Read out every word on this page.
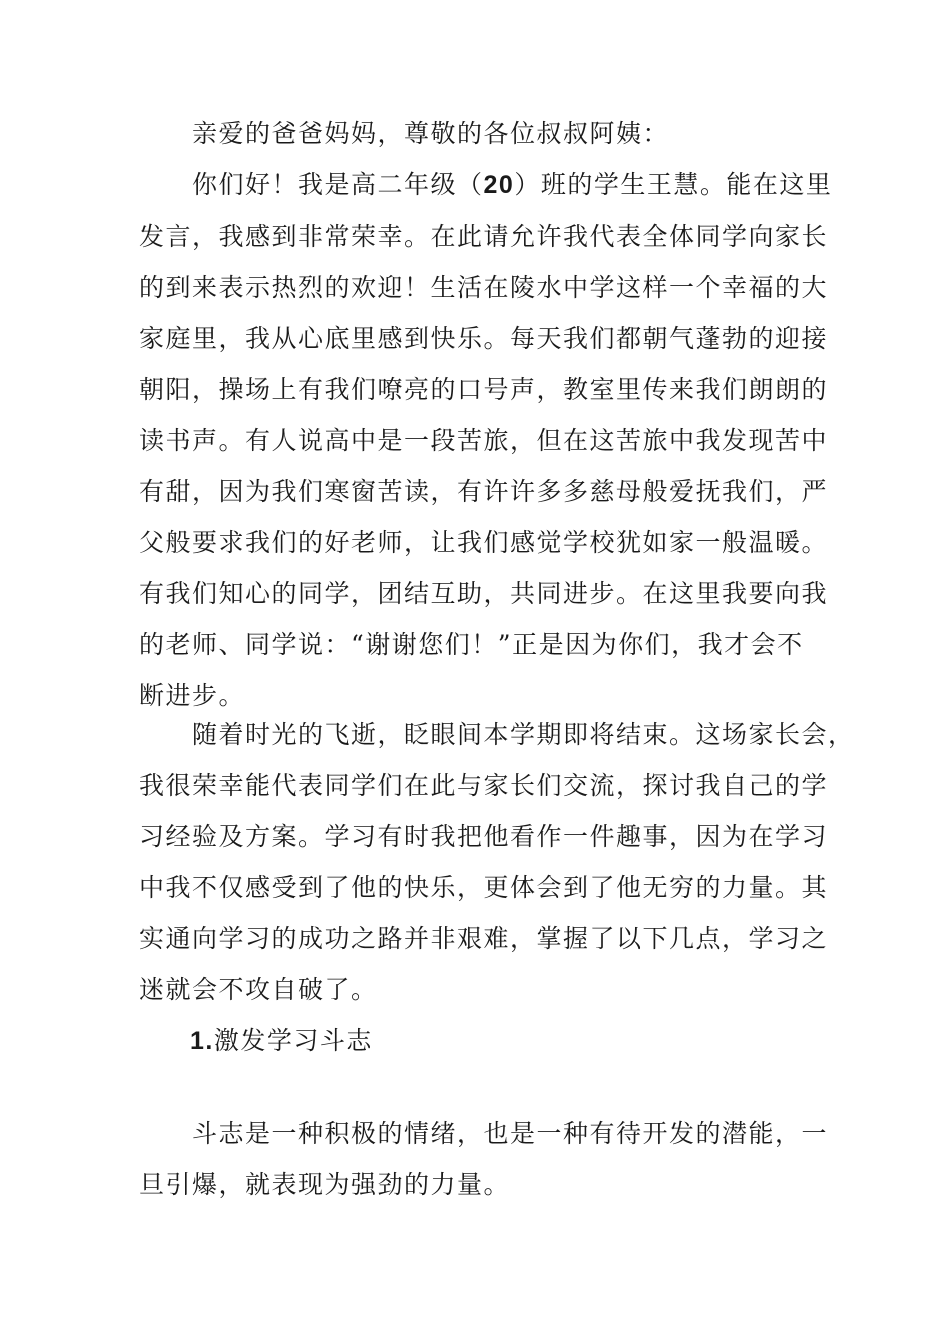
亲爱的爸爸妈妈，尊敬的各位叔叔阿姨：
你们好！我是高二年级（20）班的学生王慧。能在这里
发言，我感到非常荣幸。在此请允许我代表全体同学向家长
的到来表示热烈的欢迎！生活在陵水中学这样一个幸福的大
家庭里，我从心底里感到快乐。每天我们都朝气蓬勃的迎接
朝阳，操场上有我们嘹亮的口号声，教室里传来我们朗朗的
读书声。有人说高中是一段苦旅，但在这苦旅中我发现苦中
有甜，因为我们寒窗苦读，有许许多多慈母般爱抚我们，严
父般要求我们的好老师，让我们感觉学校犹如家一般温暖。
有我们知心的同学，团结互助，共同进步。在这里我要向我
的老师、同学说：“谢谢您们！”正是因为你们，我才会不
断进步。
随着时光的飞逝，眨眼间本学期即将结束。这场家长会，
我很荣幸能代表同学们在此与家长们交流，探讨我自己的学
习经验及方案。学习有时我把他看作一件趣事，因为在学习
中我不仅感受到了他的快乐，更体会到了他无穷的力量。其
实通向学习的成功之路并非艰难，掌握了以下几点，学习之
迷就会不攻自破了。
1.激发学习斗志
斗志是一种积极的情绪，也是一种有待开发的潜能，一
旦引爆，就表现为强劲的力量。
